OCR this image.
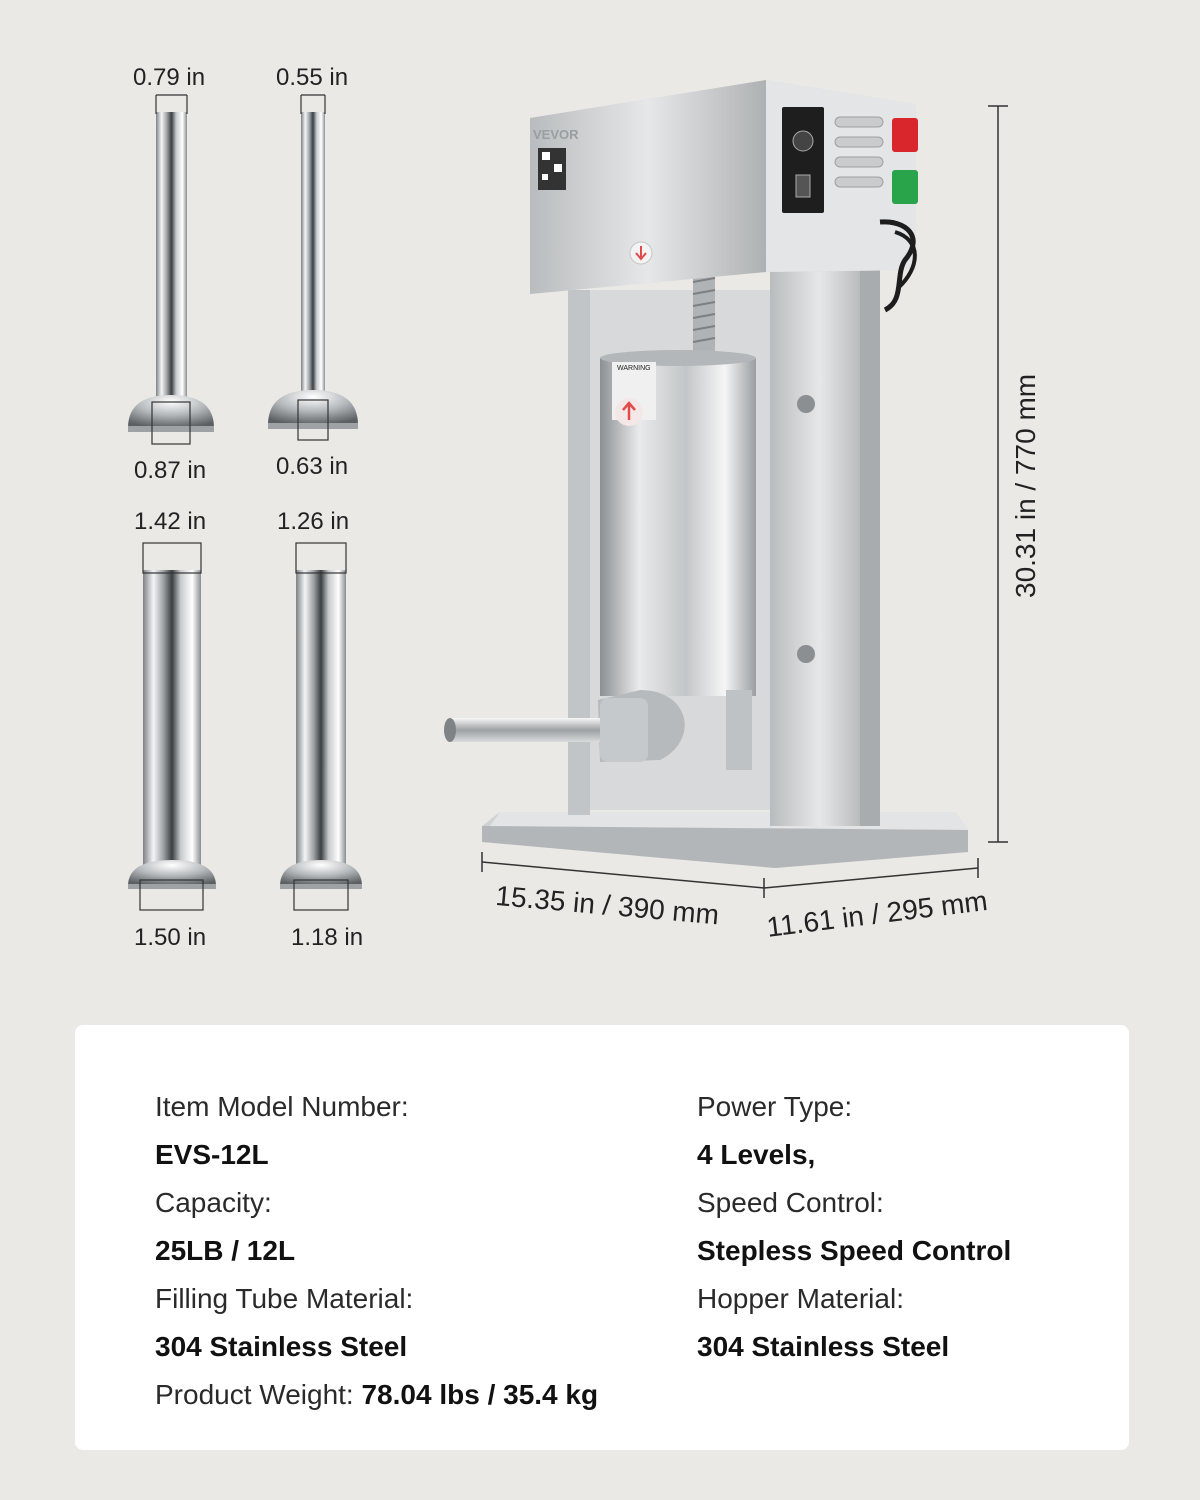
0.79 in	0.55 in
0.87 in	0.63 in
1.42 in	1.26 in
1.50 in	1.18 in
VEVOR
WARNING
30.31 in / 770 mm
15.35 in / 390 mm 11.61 in / 295 mm
Item Model Number:
EVS-12L
Capacity:
25LB / 12L
Filling Tube Material:
304 Stainless Steel
Product Weight: 78.04 lbs / 35.4 kg
Power Type:
4 Levels,
Speed Control:
Stepless Speed Control
Hopper Material:
304 Stainless Steel
